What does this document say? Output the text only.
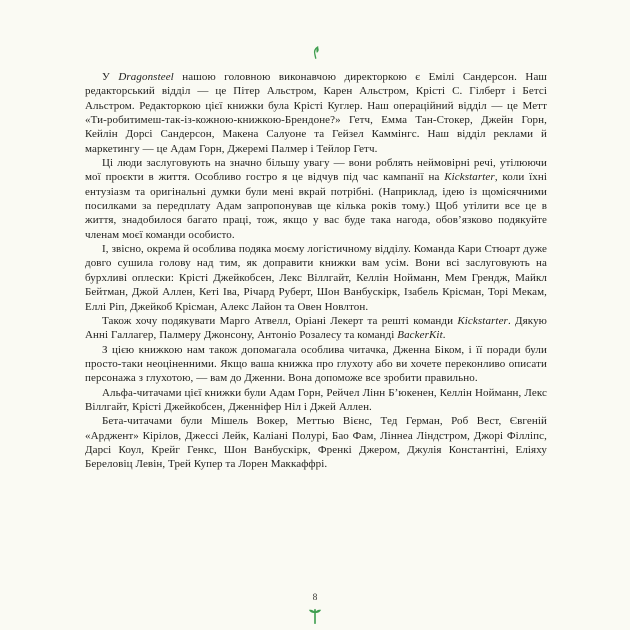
У Dragonsteel нашою головною виконавчою директоркою є Емілі Сандерсон. Наш редакторський відділ — це Пітер Альстром, Карен Альстром, Крісті С. Гілберт і Бетсі Альстром. Редакторкою цієї книжки була Крісті Куглер. Наш операційний відділ — це Метт «Ти-робитимеш-так-із-кожною-книжкою-Брендоне?» Гетч, Емма Тан-Стокер, Джейн Горн, Кейлін Дорсі Сандерсон, Макена Салуоне та Гейзел Каммінгс. Наш відділ реклами й маркетингу — це Адам Горн, Джеремі Палмер і Тейлор Гетч.

Ці люди заслуговують на значно більшу увагу — вони роблять неймовірні речі, утілюючи мої проєкти в життя. Особливо гостро я це відчув під час кампанії на Kickstarter, коли їхні ентузіазм та оригінальні думки були мені вкрай потрібні. (Наприклад, ідею із щомісячними посилками за передплату Адам запропонував ще кілька років тому.) Щоб утілити все це в життя, знадобилося багато праці, тож, якщо у вас буде така нагода, обов’язково подякуйте членам моєї команди особисто.

І, звісно, окрема й особлива подяка моєму логістичному відділу. Команда Кари Стюарт дуже довго сушила голову над тим, як доправити книжки вам усім. Вони всі заслуговують на бурхливі оплески: Крісті Джейкобсен, Лекс Віллгайт, Келлін Нойманн, Мем Грендж, Майкл Бейтман, Джой Аллен, Кеті Іва, Річард Руберт, Шон Ванбускірк, Ізабель Крісман, Торі Мекам, Еллі Ріп, Джейкоб Крісман, Алекс Лайон та Овен Новлтон.

Також хочу подякувати Марго Атвелл, Оріані Лекерт та решті команди Kickstarter. Дякую Анні Галлагер, Палмеру Джонсону, Антоніо Розалесу та команді BackerKit.

З цією книжкою нам також допомагала особлива читачка, Дженна Біком, і її поради були просто-таки неоціненними. Якщо ваша книжка про глухоту або ви хочете переконливо описати персонажа з глухотою, — вам до Дженни. Вона допоможе все зробити правильно.

Альфа-читачами цієї книжки були Адам Горн, Рейчел Лінн Б’юкенен, Келлін Нойманн, Лекс Віллгайт, Крісті Джейкобсен, Дженніфер Ніл і Джей Аллен.

Бета-читачами були Мішель Вокер, Меттью Вієнс, Тед Герман, Роб Вест, Євгеній «Арджент» Кірілов, Джессі Лейк, Каліані Полурі, Бао Фам, Ліннеа Ліндстром, Джорі Філліпс, Дарсі Коул, Крейг Генкс, Шон Ванбускірк, Френкі Джером, Джулія Константіні, Еліяху Береловіц Левін, Трей Купер та Лорен Маккаффрі.

8
